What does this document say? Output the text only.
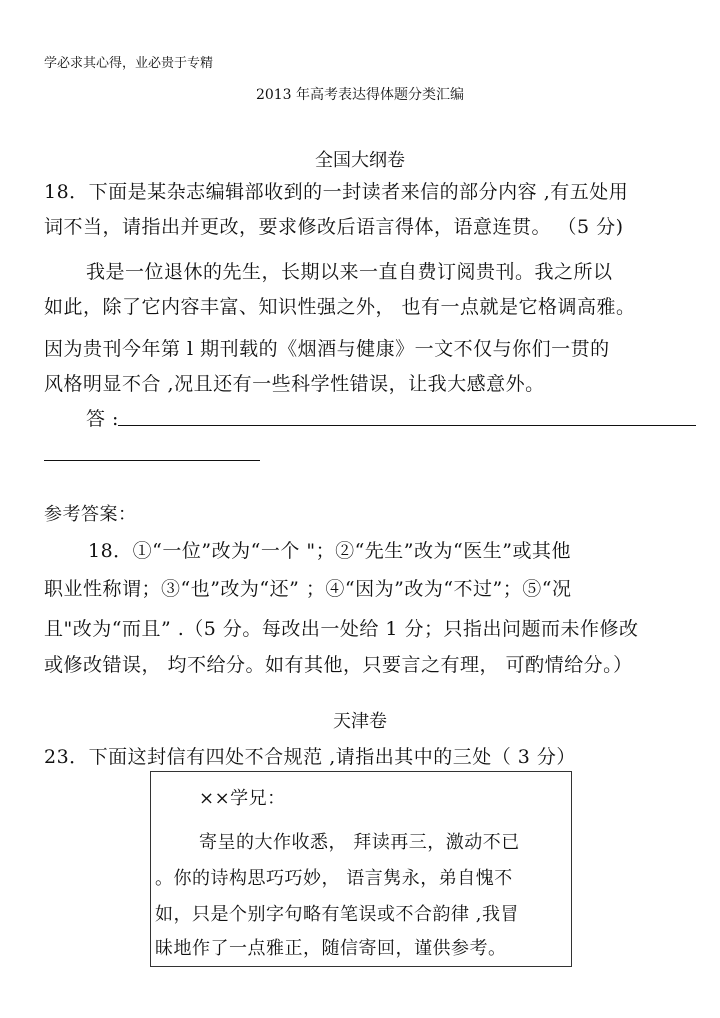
学必求其心得，业必贵于专精
2013 年高考表达得体题分类汇编
全国大纲卷
18．下面是某杂志编辑部收到的一封读者来信的部分内容 ,有五处用
词不当，请指出并更改，要求修改后语言得体，语意连贯。 （5 分)
我是一位退休的先生，长期以来一直自费订阅贵刊。我之所以
如此，除了它内容丰富、知识性强之外， 也有一点就是它格调高雅。
因为贵刊今年第 l 期刊载的《烟酒与健康》一文不仅与你们一贯的
风格明显不合 ,况且还有一些科学性错误，让我大感意外。
答 :
参考答案：
18．①“一位”改为“一个 "；②“先生”改为“医生”或其他
职业性称谓；③“也”改为“还” ；④“因为”改为“不过”；⑤“况
且"改为“而且” .（5 分。每改出一处给 1 分；只指出问题而未作修改
或修改错误， 均不给分。如有其他，只要言之有理， 可酌情给分。）
天津卷
23．下面这封信有四处不合规范 ,请指出其中的三处（ 3 分）
××学兄：
寄呈的大作收悉， 拜读再三，激动不已
。你的诗构思巧巧妙， 语言隽永，弟自愧不
如，只是个别字句略有笔误或不合韵律 ,我冒
昧地作了一点雅正，随信寄回，谨供参考。
